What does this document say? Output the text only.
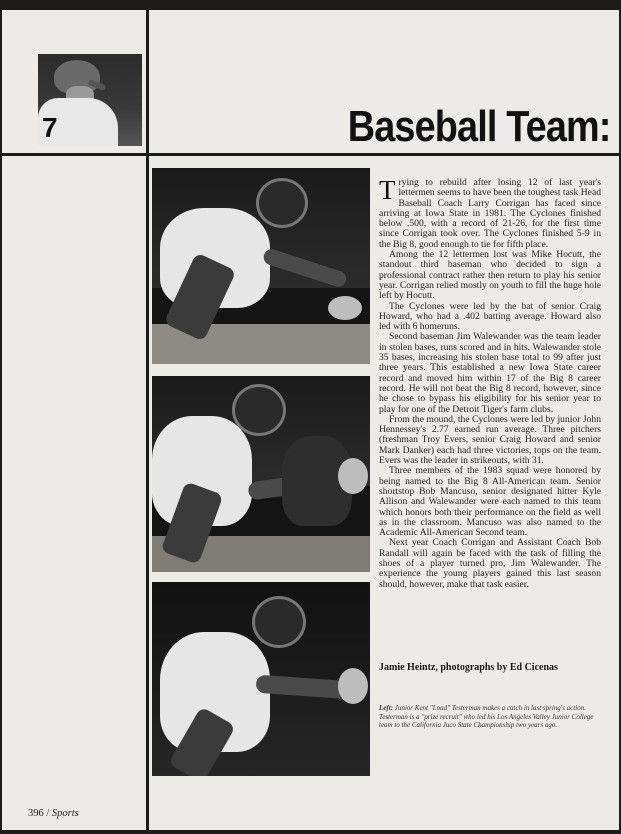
7	Baseball Team:

Trying to rebuild after losing 12 of last year's lettermen seems to have been the toughest task Head Baseball Coach Larry Corrigan has faced since arriving at Iowa State in 1981. The Cyclones finished below .500, with a record of 21-26, for the first time since Corrigan took over. The Cyclones finished 5-9 in the Big 8, good enough to tie for fifth place.

Among the 12 lettermen lost was Mike Hocutt, the standout third baseman who decided to sign a professional contract rather then return to play his senior year. Corrigan relied mostly on youth to fill the huge hole left by Hocutt.

The Cyclones were led by the bat of senior Craig Howard, who had a .402 batting average. Howard also led with 6 homeruns.

Second baseman Jim Walewander was the team leader in stolen bases, runs scored and in hits. Walewander stole 35 bases, increasing his stolen base total to 99 after just three years. This established a new Iowa State career record and moved him within 17 of the Big 8 career record. He will not beat the Big 8 record, however, since he chose to bypass his eligibility for his senior year to play for one of the Detroit Tiger's farm clubs.

From the mound, the Cyclones were led by junior John Hennessey's 2.77 earned run average. Three pitchers (freshman Troy Evers, senior Craig Howard and senior Mark Danker) each had three victories, tops on the team. Evers was the leader in strikeouts, with 31.

Three members of the 1983 squad were honored by being named to the Big 8 All-American team. Senior shortstop Bob Mancuso, senior designated hitter Kyle Allison and Walewander were each named to this team which honors both their performance on the field as well as in the classroom. Mancuso was also named to the Academic All-American Second team.

Next year Coach Corrigan and Assistant Coach Bob Randall will again be faced with the task of filling the shoes of a player turned pro, Jim Walewander. The experience the young players gained this last season should, however, make that task easier.

Jamie Heintz, photographs by Ed Cicenas

Left: Junior Kent "Load" Testerman makes a catch in last spring's action. Testerman is a "prize recruit" who led his Los Angeles Valley Junior College team to the California Juco State Championship two years ago.

396 / Sports
